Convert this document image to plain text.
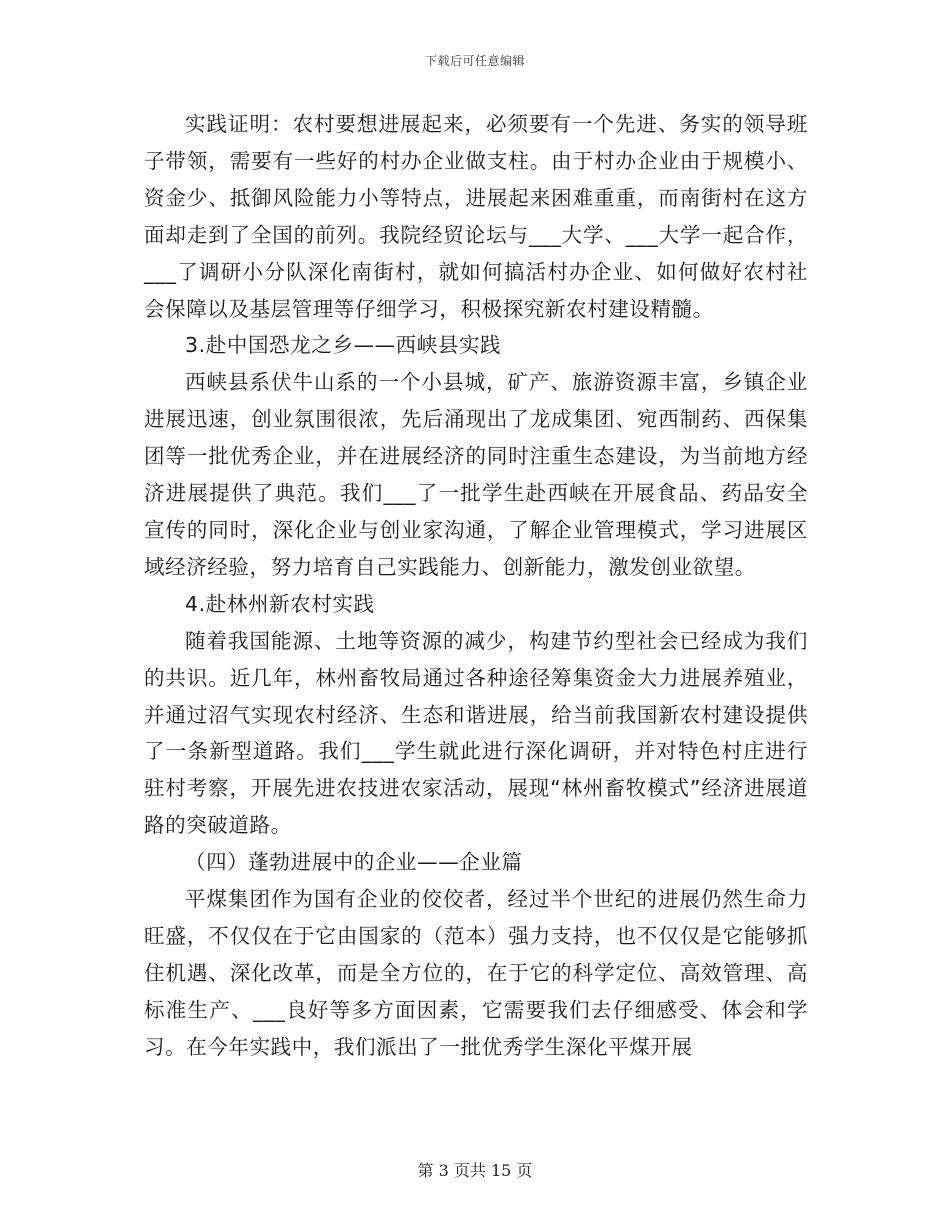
下载后可任意编辑

实践证明：农村要想进展起来，必须要有一个先进、务实的领导班子带领，需要有一些好的村办企业做支柱。由于村办企业由于规模小、资金少、抵御风险能力小等特点，进展起来困难重重，而南街村在这方面却走到了全国的前列。我院经贸论坛与___大学、___大学一起合作，___了调研小分队深化南街村，就如何搞活村办企业、如何做好农村社会保障以及基层管理等仔细学习，积极探究新农村建设精髓。

3.赴中国恐龙之乡——西峡县实践

西峡县系伏牛山系的一个小县城，矿产、旅游资源丰富，乡镇企业进展迅速，创业氛围很浓，先后涌现出了龙成集团、宛西制药、西保集团等一批优秀企业，并在进展经济的同时注重生态建设，为当前地方经济进展提供了典范。我们___了一批学生赴西峡在开展食品、药品安全宣传的同时，深化企业与创业家沟通，了解企业管理模式，学习进展区域经济经验，努力培育自己实践能力、创新能力，激发创业欲望。

4.赴林州新农村实践

随着我国能源、土地等资源的减少，构建节约型社会已经成为我们的共识。近几年，林州畜牧局通过各种途径筹集资金大力进展养殖业，并通过沼气实现农村经济、生态和谐进展，给当前我国新农村建设提供了一条新型道路。我们___学生就此进行深化调研，并对特色村庄进行驻村考察，开展先进农技进农家活动，展现“林州畜牧模式”经济进展道路的突破道路。

（四）蓬勃进展中的企业——企业篇

平煤集团作为国有企业的佼佼者，经过半个世纪的进展仍然生命力旺盛，不仅仅在于它由国家的（范本）强力支持，也不仅仅是它能够抓住机遇、深化改革，而是全方位的，在于它的科学定位、高效管理、高标准生产、___良好等多方面因素，它需要我们去仔细感受、体会和学习。在今年实践中，我们派出了一批优秀学生深化平煤开展

第 3 页共 15 页
